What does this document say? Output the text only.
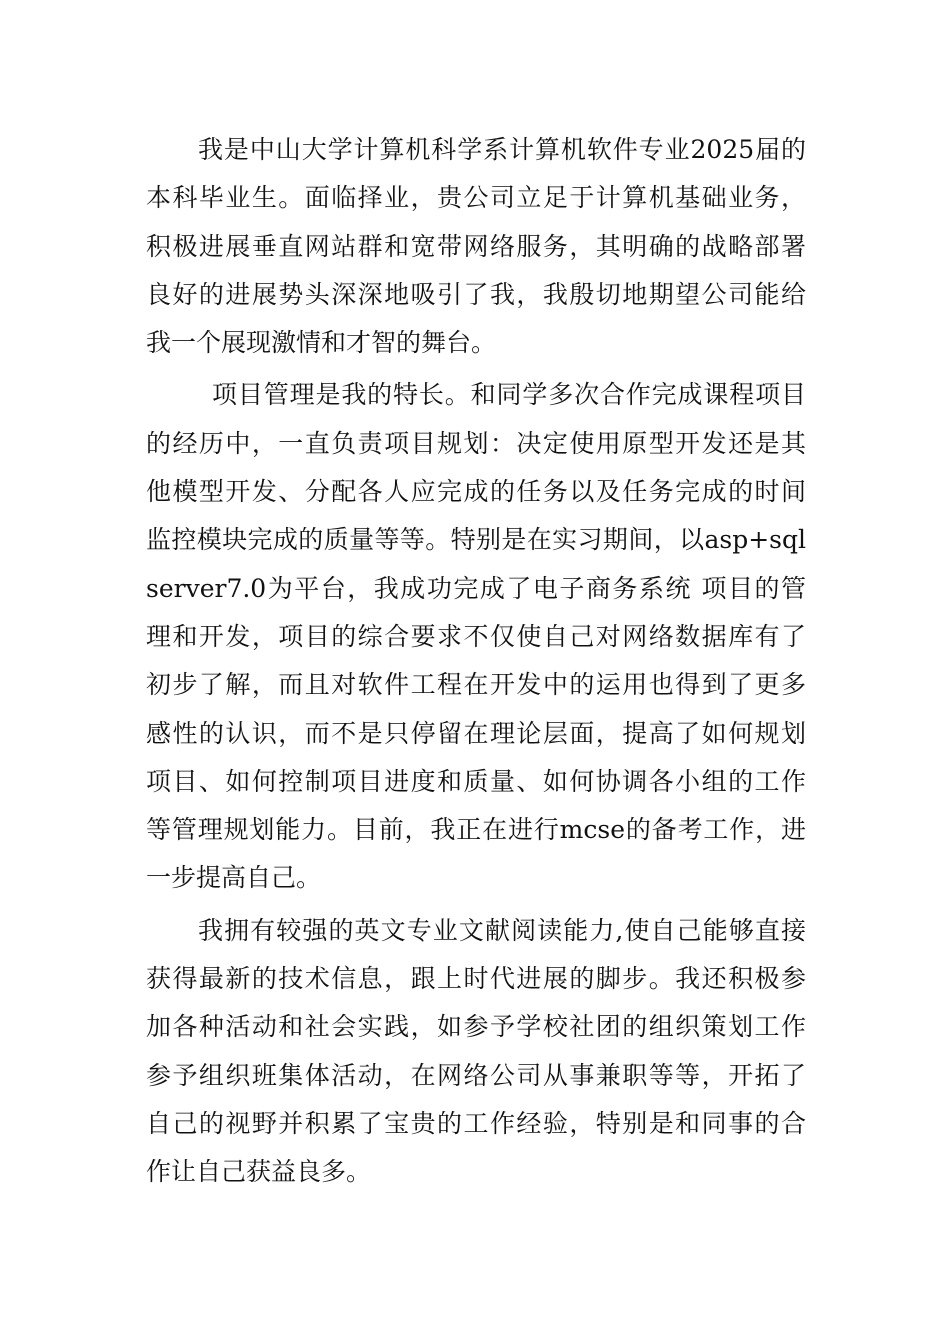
我是中山大学计算机科学系计算机软件专业2025届的
本科毕业生。面临择业，贵公司立足于计算机基础业务，
积极进展垂直网站群和宽带网络服务，其明确的战略部署
良好的进展势头深深地吸引了我，我殷切地期望公司能给
我一个展现激情和才智的舞台。
项目管理是我的特长。和同学多次合作完成课程项目
的经历中，一直负责项目规划：决定使用原型开发还是其
他模型开发、分配各人应完成的任务以及任务完成的时间
监控模块完成的质量等等。特别是在实习期间，以asp+sql
server7.0为平台，我成功完成了电子商务系统 项目的管
理和开发，项目的综合要求不仅使自己对网络数据库有了
初步了解，而且对软件工程在开发中的运用也得到了更多
感性的认识，而不是只停留在理论层面，提高了如何规划
项目、如何控制项目进度和质量、如何协调各小组的工作
等管理规划能力。目前，我正在进行mcse的备考工作，进
一步提高自己。
我拥有较强的英文专业文献阅读能力,使自己能够直接
获得最新的技术信息，跟上时代进展的脚步。我还积极参
加各种活动和社会实践，如参予学校社团的组织策划工作
参予组织班集体活动，在网络公司从事兼职等等，开拓了
自己的视野并积累了宝贵的工作经验，特别是和同事的合
作让自己获益良多。
